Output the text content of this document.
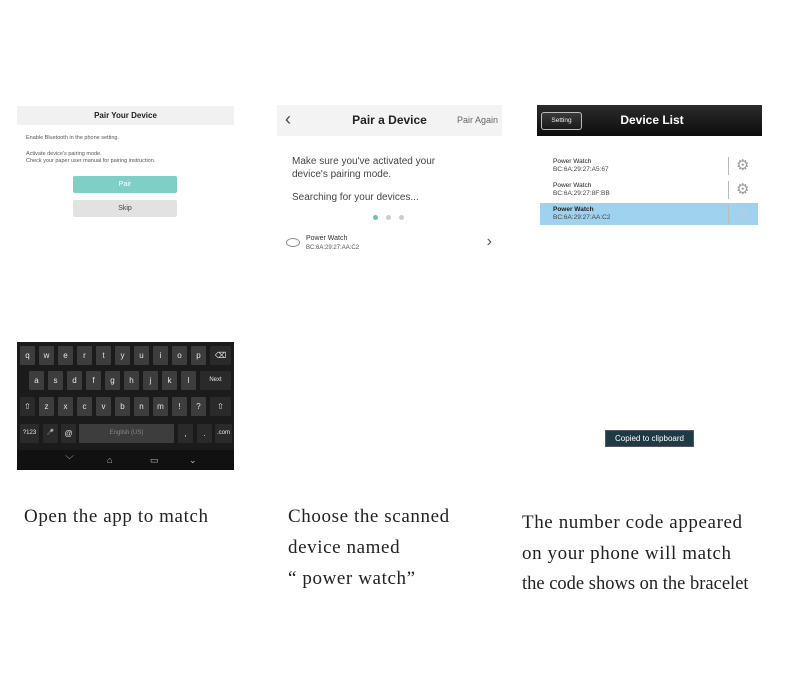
Pair Your Device
Enable Bluetooth in the phone setting.
Activate device's pairing mode.
Check your paper user manual for pairing instruction.
Pair
Skip
q	w	e	r	t	y	u	i	o	p	⌫
a	s	d	f	g	h	j	k	l	Next
⇧	z	x	c	v	b	n	m	!	?	⇧
?123	🎤	@	English (US)	,	.	.com
﹀	⌂	▭	⌄
‹	Pair a Device	Pair Again
Make sure you've activated your
device's pairing mode.
Searching for your devices...
Power Watch
BC:6A:29:27:AA:C2	›
Setting	Device List
Power Watch
BC:6A:29:27:A5:67	⚙
Power Watch
BC:6A:29:27:8F:BB	⚙
Power Watch
BC:6A:29:27:AA:C2	⚙
Copied to clipboard
Open the app to match	Choose the scanned
device named
“ power watch”
The number code appeared
on your phone will match
the code shows on the bracelet
